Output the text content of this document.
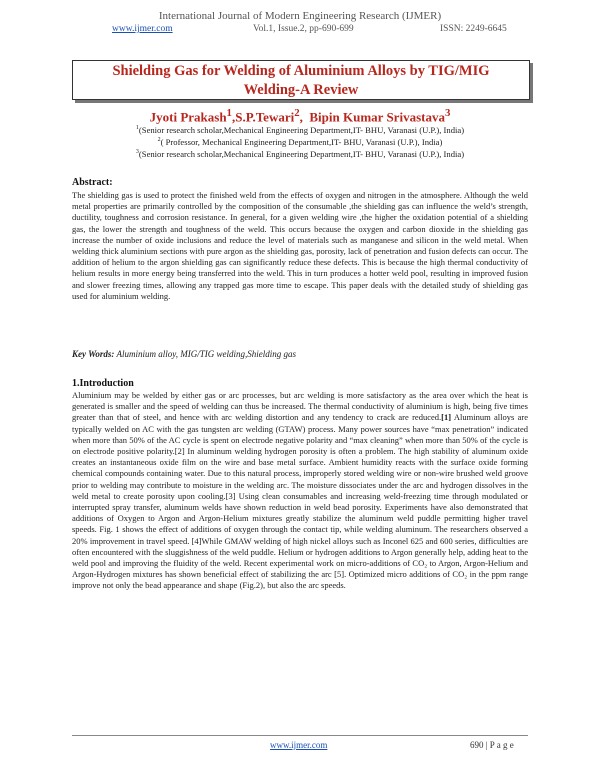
International Journal of Modern Engineering Research (IJMER)
www.ijmer.com	Vol.1, Issue.2, pp-690-699	ISSN: 2249-6645
Shielding Gas for Welding of Aluminium Alloys by TIG/MIG
Welding-A Review
Jyoti Prakash$^1$,S.P.Tewari$^2$,  Bipin Kumar Srivastava$^3$
$^1$(Senior research scholar,Mechanical Engineering Department,IT- BHU, Varanasi (U.P.), India)
$^2$( Professor, Mechanical Engineering Department,IT- BHU, Varanasi (U.P.), India)
$^3$(Senior research scholar,Mechanical Engineering Department,IT- BHU, Varanasi (U.P.), India)
Abstract:
The shielding gas is used to protect the finished weld from the effects of oxygen and nitrogen in the atmosphere. Although the weld metal properties are primarily controlled by the composition of the consumable ,the shielding gas can influence the weld’s strength, ductility, toughness and corrosion resistance. In general, for a given welding wire ,the higher the oxidation potential of a shielding gas, the lower the strength and toughness of the weld. This occurs because the oxygen and carbon dioxide in the shielding gas increase the number of oxide inclusions and reduce the level of materials such as manganese and silicon in the weld metal. When welding thick aluminium sections with pure argon as the shielding gas, porosity, lack of penetration and fusion defects can occur. The addition of helium to the argon shielding gas can significantly reduce these defects. This is because the high thermal conductivity of helium results in more energy being transferred into the weld. This in turn produces a hotter weld pool, resulting in improved fusion and slower freezing times, allowing any trapped gas more time to escape. This paper deals with the detailed study of shielding gas used for aluminium welding.
Key Words: Aluminium alloy, MIG/TIG welding,Shielding gas
1.Introduction
Aluminium may be welded by either gas or arc processes, but arc welding is more satisfactory as the area over which the heat is generated is smaller and the speed of welding can thus be increased. The thermal conductivity of aluminium is high, being five times greater than that of steel, and hence with arc welding distortion and any tendency to crack are reduced.[1] Aluminum alloys are typically welded on AC with the gas tungsten arc welding (GTAW) process. Many power sources have “max penetration” indicated when more than 50% of the AC cycle is spent on electrode negative polarity and “max cleaning” when more than 50% of the cycle is on electrode positive polarity.[2] In aluminum welding hydrogen porosity is often a problem. The high stability of aluminum oxide creates an instantaneous oxide film on the wire and base metal surface. Ambient humidity reacts with the surface oxide forming chemical compounds containing water. Due to this natural process, improperly stored welding wire or non-wire brushed weld groove prior to welding may contribute to moisture in the welding arc. The moisture dissociates under the arc and hydrogen dissolves in the weld metal to create porosity upon cooling.[3] Using clean consumables and increasing weld-freezing time through modulated or interrupted spray transfer, aluminum welds have shown reduction in weld bead porosity. Experiments have also demonstrated that additions of Oxygen to Argon and Argon-Helium mixtures greatly stabilize the aluminum weld puddle permitting higher travel speeds. Fig. 1 shows the effect of additions of oxygen through the contact tip, while welding aluminum. The researchers observed a 20% improvement in travel speed. [4]While GMAW welding of high nickel alloys such as Inconel 625 and 600 series, difficulties are often encountered with the sluggishness of the weld puddle. Helium or hydrogen additions to Argon generally help, adding heat to the weld pool and improving the fluidity of the weld. Recent experimental work on micro-additions of CO₂ to Argon, Argon-Helium and Argon-Hydrogen mixtures has shown beneficial effect of stabilizing the arc [5]. Optimized micro additions of CO₂ in the ppm range improve not only the bead appearance and shape (Fig.2), but also the arc speeds.
www.ijmer.com	690 | P a g e
